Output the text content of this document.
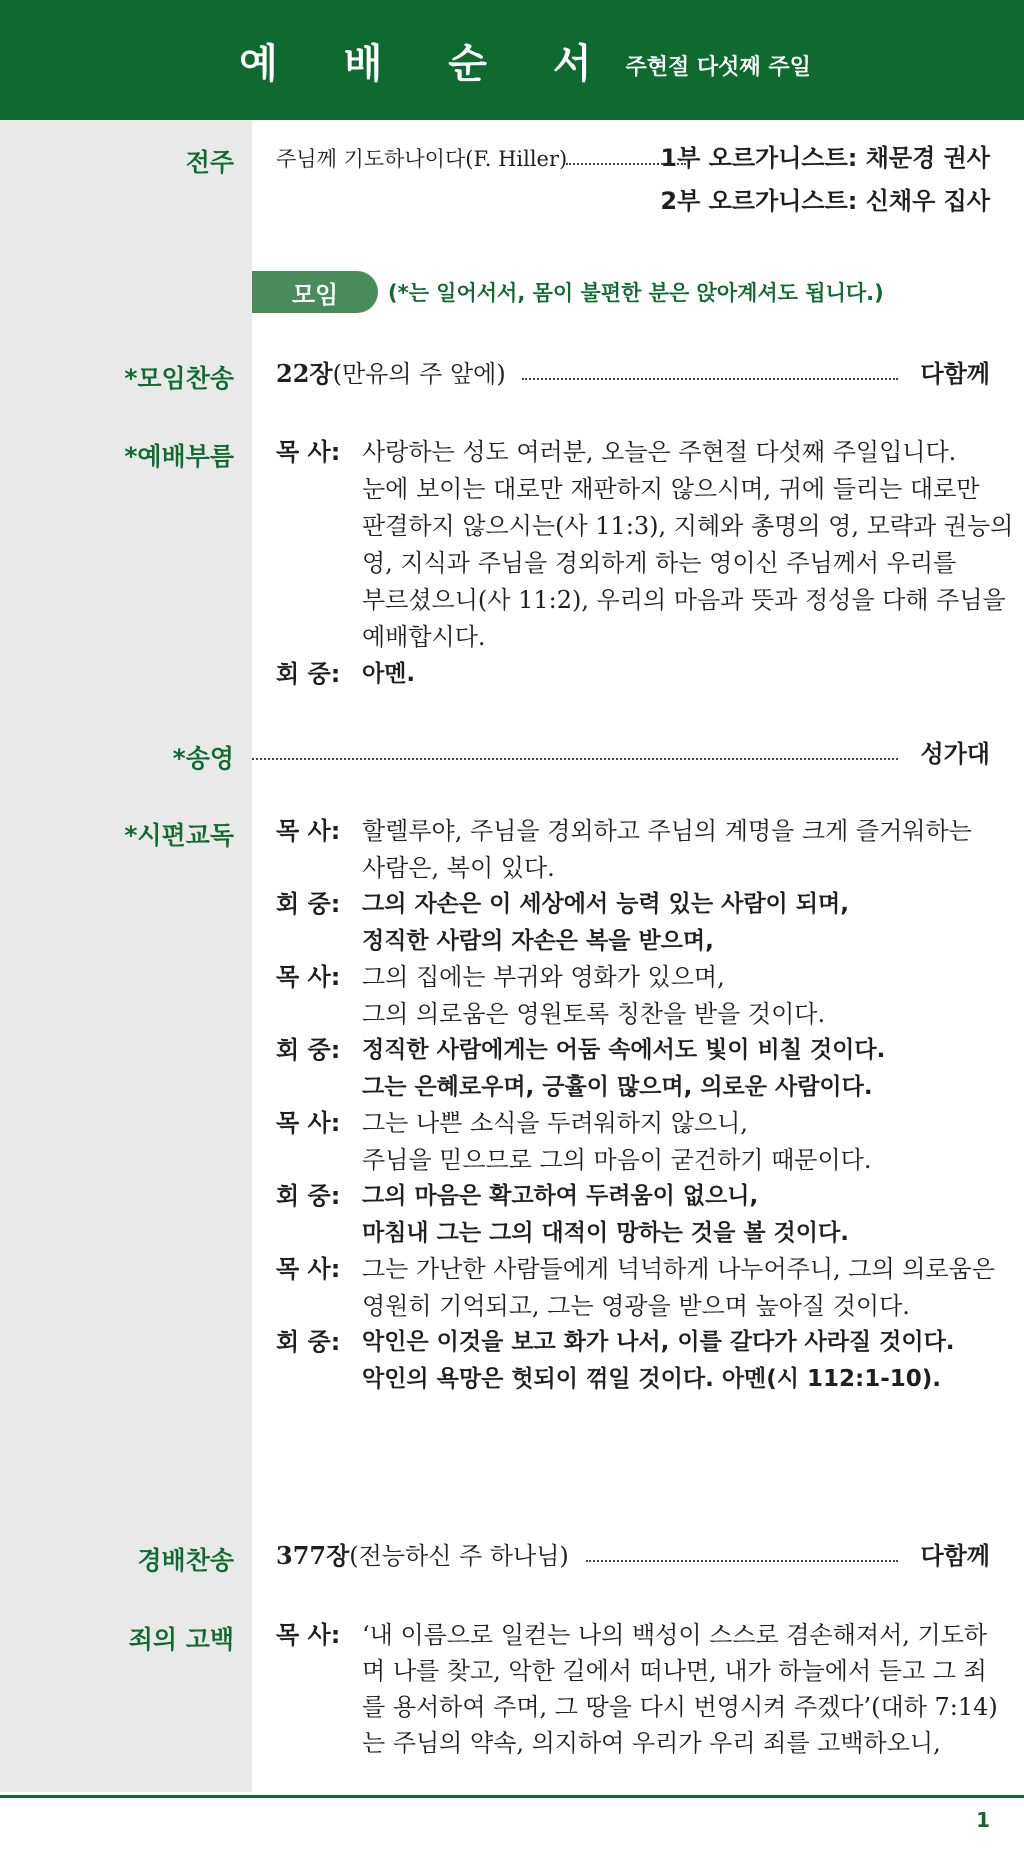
예 배 순 서 주현절 다섯째 주일
전주 주님께 기도하나이다(F. Hiller)	1부 오르가니스트: 채문경 권사
2부 오르가니스트: 신채우 집사
모임	(*는 일어서서, 몸이 불편한 분은 앉아계셔도 됩니다.)
*모임찬송 22장(만유의 주 앞에)	다함께
*예배부름 목 사: 사랑하는 성도 여러분, 오늘은 주현절 다섯째 주일입니다.
눈에 보이는 대로만 재판하지 않으시며, 귀에 들리는 대로만
판결하지 않으시는(사 11:3), 지혜와 총명의 영, 모략과 권능의
영, 지식과 주님을 경외하게 하는 영이신 주님께서 우리를
부르셨으니(사 11:2), 우리의 마음과 뜻과 정성을 다해 주님을
예배합시다.
회 중: 아멘.
*송영	성가대
*시편교독 목 사: 할렐루야, 주님을 경외하고 주님의 계명을 크게 즐거워하는
사람은, 복이 있다.
회 중: 그의 자손은 이 세상에서 능력 있는 사람이 되며,
정직한 사람의 자손은 복을 받으며,
목 사: 그의 집에는 부귀와 영화가 있으며,
그의 의로움은 영원토록 칭찬을 받을 것이다.
회 중: 정직한 사람에게는 어둠 속에서도 빛이 비칠 것이다.
그는 은혜로우며, 긍휼이 많으며, 의로운 사람이다.
목 사: 그는 나쁜 소식을 두려워하지 않으니,
주님을 믿으므로 그의 마음이 굳건하기 때문이다.
회 중: 그의 마음은 확고하여 두려움이 없으니,
마침내 그는 그의 대적이 망하는 것을 볼 것이다.
목 사: 그는 가난한 사람들에게 넉넉하게 나누어주니, 그의 의로움은
영원히 기억되고, 그는 영광을 받으며 높아질 것이다.
회 중: 악인은 이것을 보고 화가 나서, 이를 갈다가 사라질 것이다.
악인의 욕망은 헛되이 꺾일 것이다. 아멘(시 112:1-10).
경배찬송 377장(전능하신 주 하나님)	다함께
죄의 고백 목 사: ‘내 이름으로 일컫는 나의 백성이 스스로 겸손해져서, 기도하
며 나를 찾고, 악한 길에서 떠나면, 내가 하늘에서 듣고 그 죄
를 용서하여 주며, 그 땅을 다시 번영시켜 주겠다’(대하 7:14)
는 주님의 약속, 의지하여 우리가 우리 죄를 고백하오니,
1
